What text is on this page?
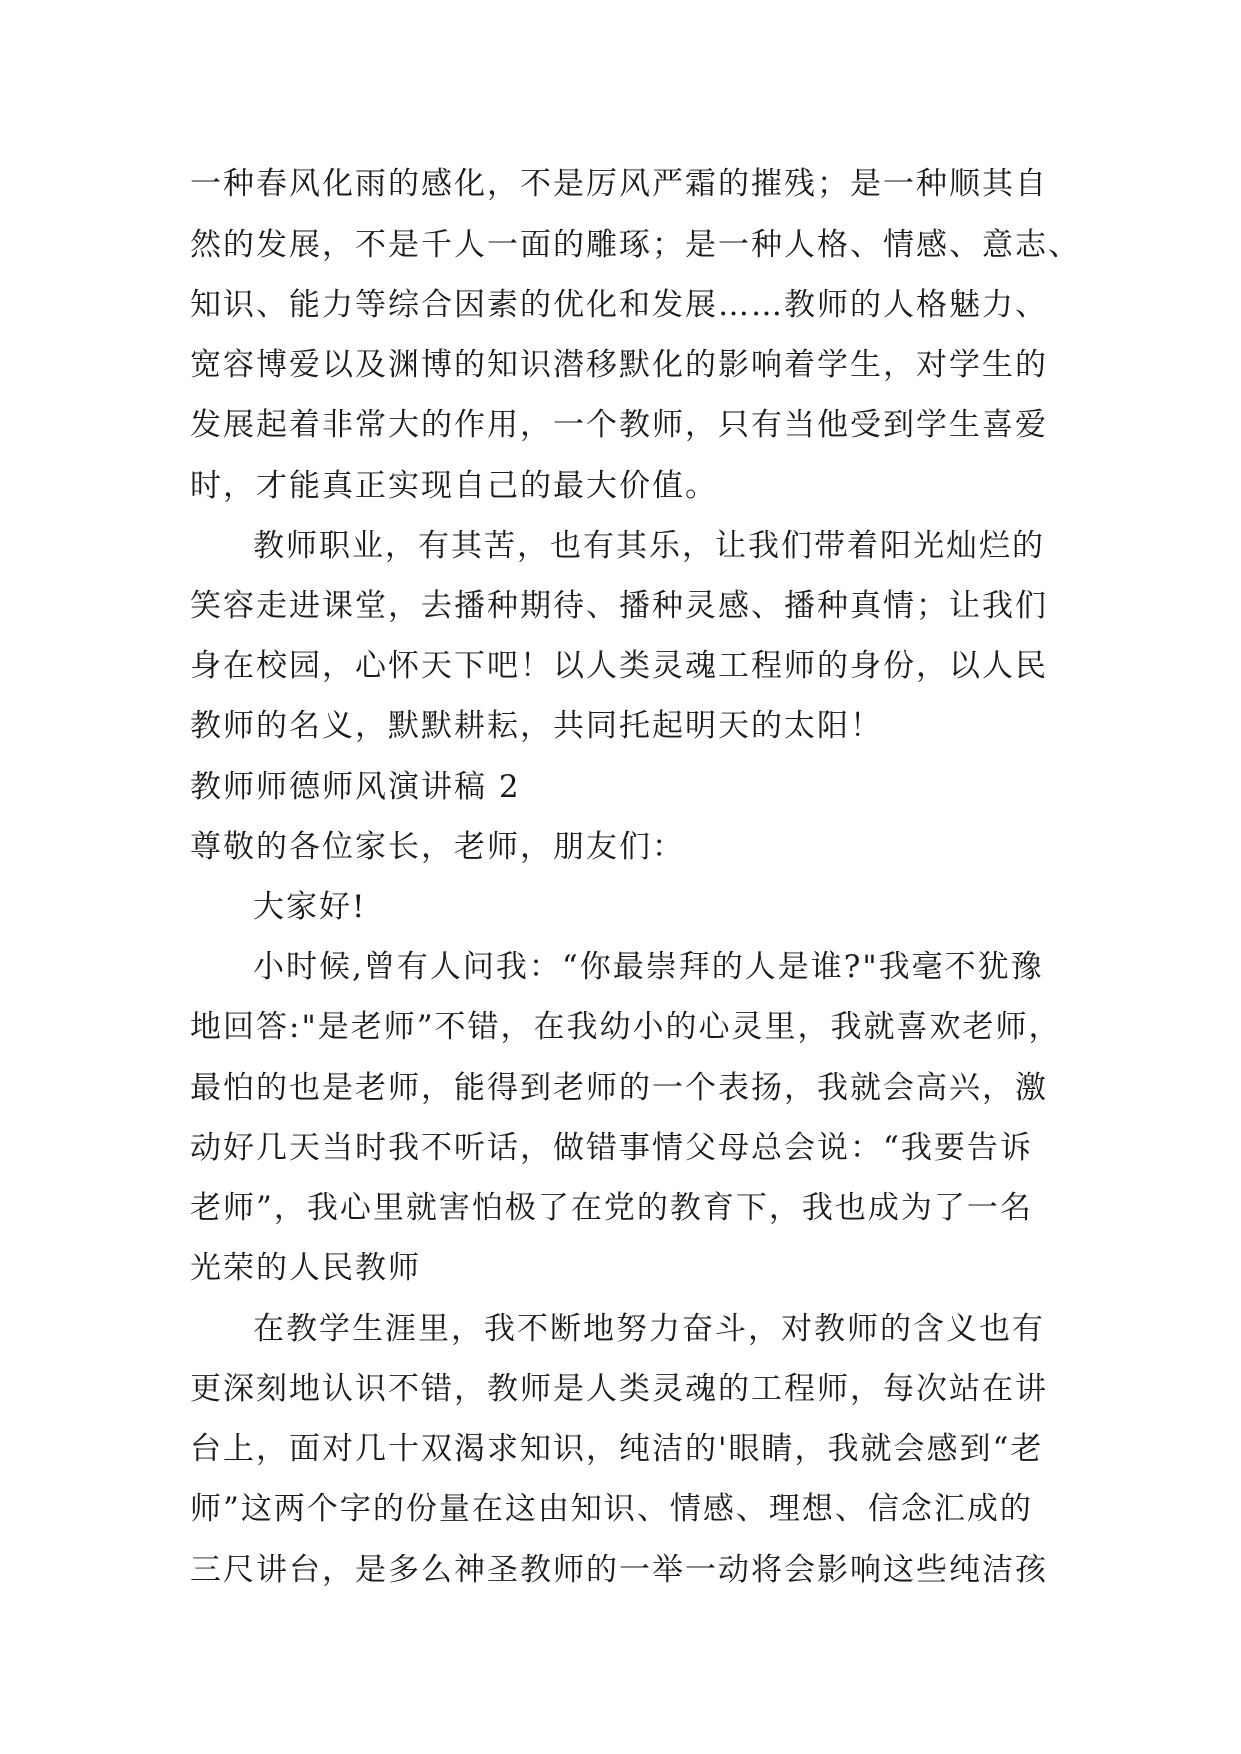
一种春风化雨的感化，不是厉风严霜的摧残；是一种顺其自
然的发展，不是千人一面的雕琢；是一种人格、情感、意志、
知识、能力等综合因素的优化和发展……教师的人格魅力、
宽容博爱以及渊博的知识潜移默化的影响着学生，对学生的
发展起着非常大的作用，一个教师，只有当他受到学生喜爱
时，才能真正实现自己的最大价值。
教师职业，有其苦，也有其乐，让我们带着阳光灿烂的
笑容走进课堂，去播种期待、播种灵感、播种真情；让我们
身在校园，心怀天下吧！以人类灵魂工程师的身份，以人民
教师的名义，默默耕耘，共同托起明天的太阳！
教师师德师风演讲稿 2
尊敬的各位家长，老师，朋友们：
大家好!
小时候,曾有人问我：“你最崇拜的人是谁?"我毫不犹豫
地回答:"是老师”不错，在我幼小的心灵里，我就喜欢老师，
最怕的也是老师，能得到老师的一个表扬，我就会高兴，激
动好几天当时我不听话，做错事情父母总会说：“我要告诉
老师”，我心里就害怕极了在党的教育下，我也成为了一名
光荣的人民教师
在教学生涯里，我不断地努力奋斗，对教师的含义也有
更深刻地认识不错，教师是人类灵魂的工程师，每次站在讲
台上，面对几十双渴求知识，纯洁的'眼睛，我就会感到“老
师”这两个字的份量在这由知识、情感、理想、信念汇成的
三尺讲台，是多么神圣教师的一举一动将会影响这些纯洁孩
